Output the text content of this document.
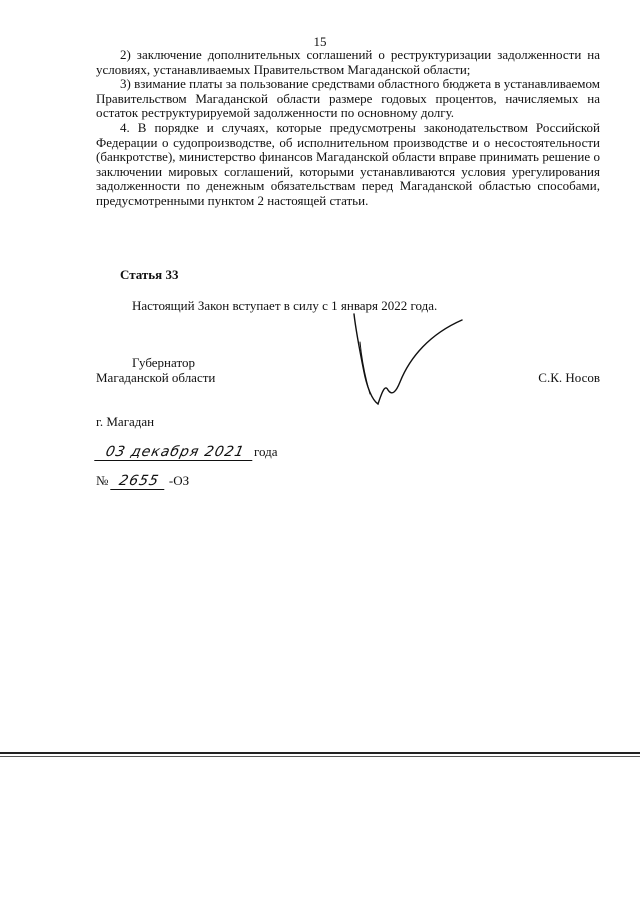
15

2) заключение дополнительных соглашений о реструктуризации задолженности на условиях, устанавливаемых Правительством Магаданской области;

3) взимание платы за пользование средствами областного бюджета в устанавливаемом Правительством Магаданской области размере годовых процентов, начисляемых на остаток реструктурируемой задолженности по основному долгу.

4. В порядке и случаях, которые предусмотрены законодательством Российской Федерации о судопроизводстве, об исполнительном производстве и о несостоятельности (банкротстве), министерство финансов Магаданской области вправе принимать решение о заключении мировых соглашений, которыми устанавливаются условия урегулирования задолженности по денежным обязательствам перед Магаданской областью способами, предусмотренными пунктом 2 настоящей статьи.

Статья 33
Настоящий Закон вступает в силу с 1 января 2022 года.
Губернатор
Магаданской области	С.К. Носов
г. Магадан
03 декабря 2021 года
№ 2655 -ОЗ
